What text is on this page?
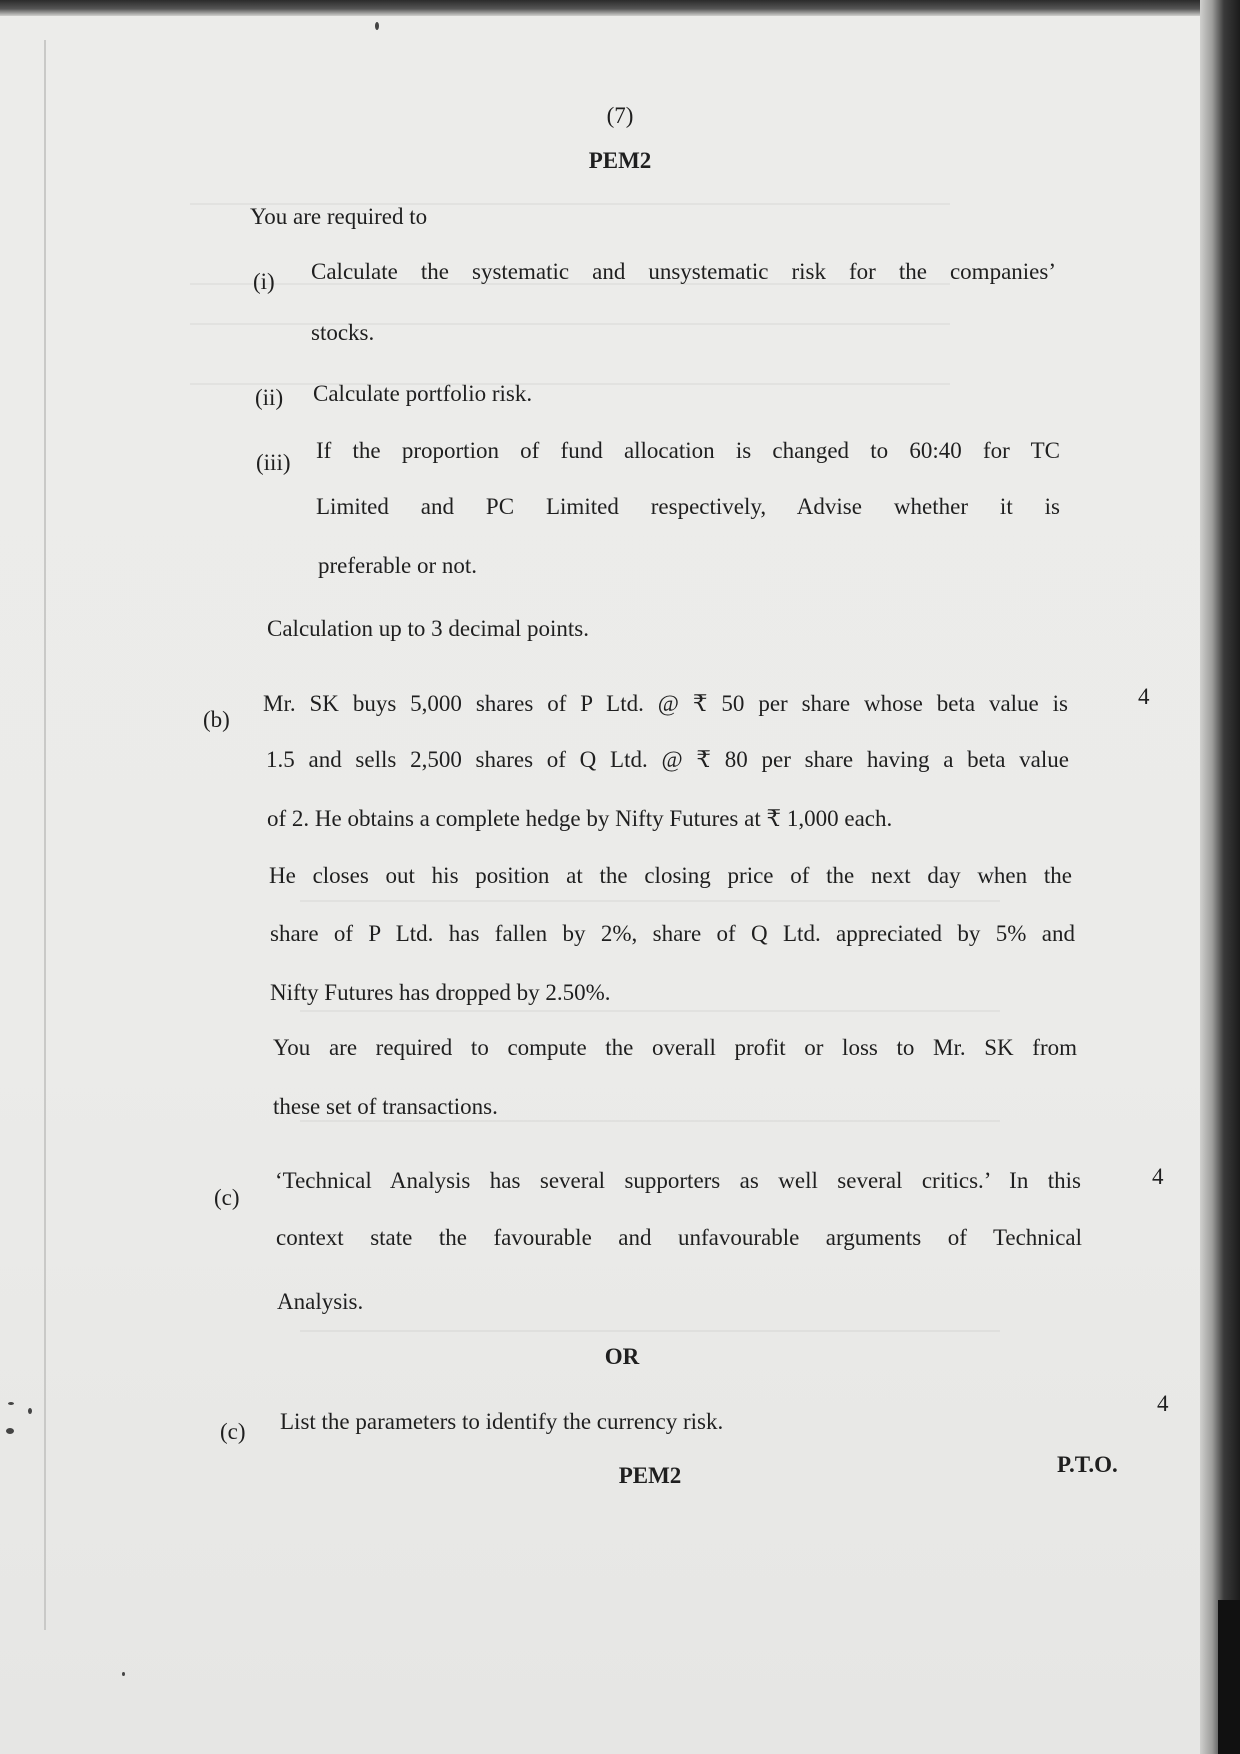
(7)
PEM2
You are required to
(i) Calculate the systematic and unsystematic risk for the companies’
stocks.
(ii) Calculate portfolio risk.
(iii) If the proportion of fund allocation is changed to 60:40 for TC
Limited and PC Limited respectively, Advise whether it is
preferable or not.
Calculation up to 3 decimal points.
4
(b)
Mr. SK buys 5,000 shares of P Ltd. @ ₹ 50 per share whose beta value is
1.5 and sells 2,500 shares of Q Ltd. @ ₹ 80 per share having a beta value
of 2. He obtains a complete hedge by Nifty Futures at ₹ 1,000 each.
He closes out his position at the closing price of the next day when the
share of P Ltd. has fallen by 2%, share of Q Ltd. appreciated by 5% and
Nifty Futures has dropped by 2.50%.
You are required to compute the overall profit or loss to Mr. SK from
these set of transactions.
4
(c)
‘Technical Analysis has several supporters as well several critics.’ In this
context state the favourable and unfavourable arguments of Technical
Analysis.
OR
4
(c) List the parameters to identify the currency risk.
PEM2	P.T.O.
